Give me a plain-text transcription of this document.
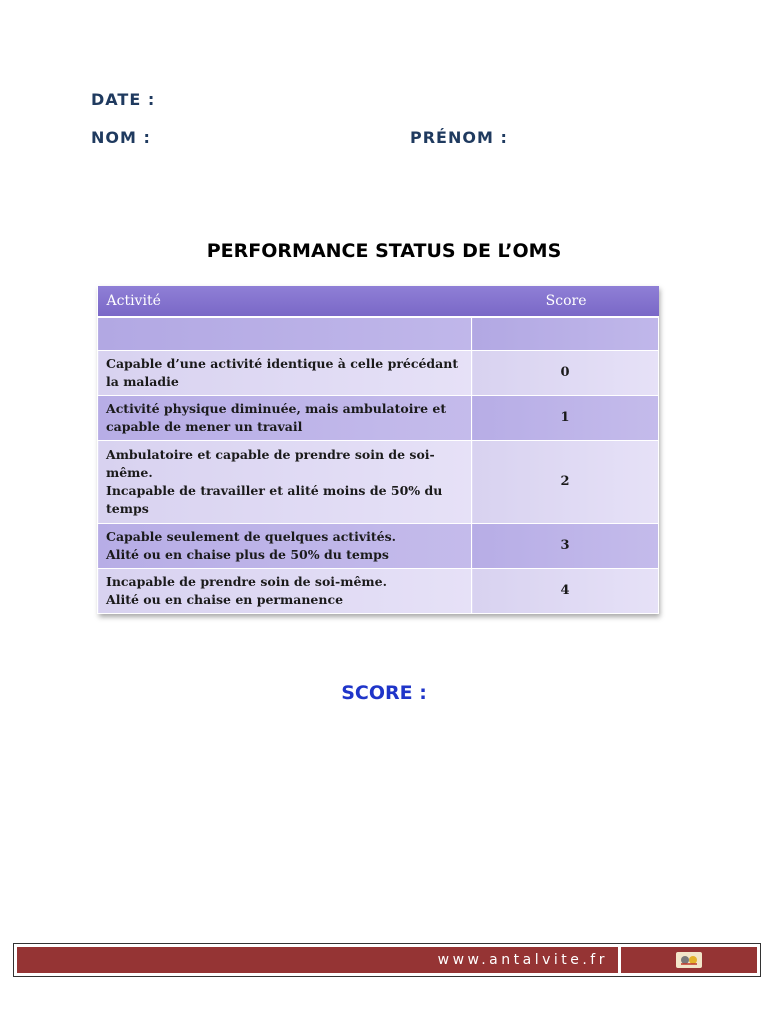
DATE :
NOM :	PRÉNOM :
PERFORMANCE STATUS DE L’OMS
Activité	Score

Capable d’une activité identique à celle précédant la maladie	0
Activité physique diminuée, mais ambulatoire et capable de mener un travail	1
Ambulatoire et capable de prendre soin de soi-même.
Incapable de travailler et alité moins de 50% du temps	2
Capable seulement de quelques activités.
Alité ou en chaise plus de 50% du temps	3
Incapable de prendre soin de soi-même.
Alité ou en chaise en permanence	4
SCORE :
www.antalvite.fr
